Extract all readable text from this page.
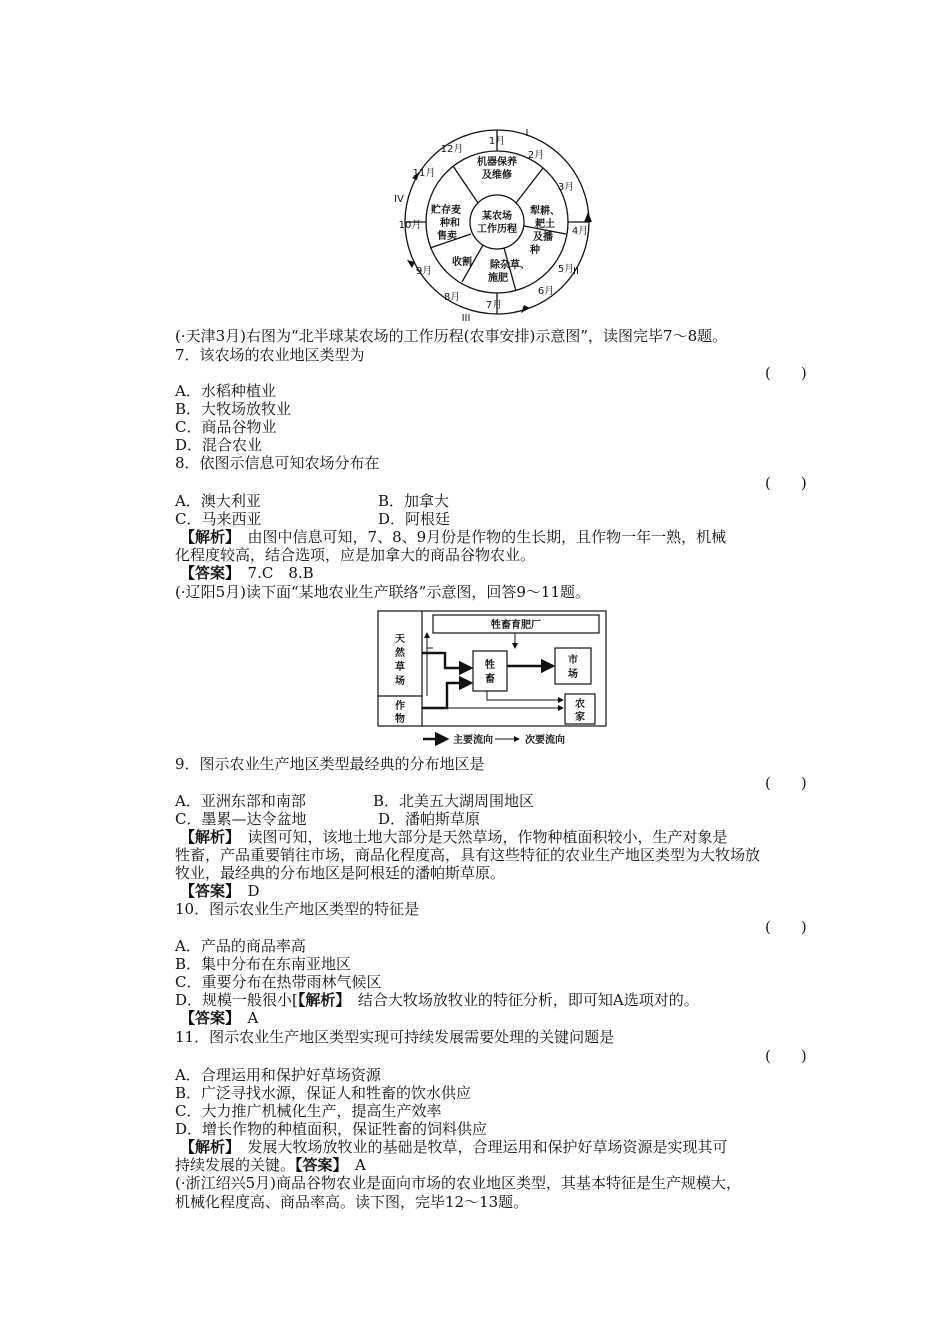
1月
2月
3月
4月
5月
6月
7月
8月
9月
10月
11月
12月
I
II
III
IV
某农场
工作历程
机器保养
及维修
犁耕、
耙土
及播
种
除杂草、
施肥
收割
贮存麦
种和
售卖
(·天津3月)右图为“北半球某农场的工作历程(农事安排)示意图”，读图完毕7～8题。
7．该农场的农业地区类型为
(　　)
A．水稻种植业
B．大牧场放牧业
C．商品谷物业
D．混合农业
8．依图示信息可知农场分布在
(　　)
A．澳大利亚	B．加拿大
C．马来西亚	D．阿根廷
【解析】　 由图中信息可知，7、8、9月份是作物的生长期，且作物一年一熟，机械
化程度较高，结合选项，应是加拿大的商品谷物农业。
【答案】　 7.C　8.B
(·辽阳5月)读下面“某地农业生产联络”示意图，回答9～11题。
天
然
草
场
作
物
牲畜育肥厂
牲
畜
市
场
农
家
主要流向	次要流向
9．图示农业生产地区类型最经典的分布地区是
(　　)
A．亚洲东部和南部	B．北美五大湖周围地区
C．墨累—达令盆地	D．潘帕斯草原
【解析】　 读图可知，该地土地大部分是天然草场，作物种植面积较小，生产对象是
牲畜，产品重要销往市场，商品化程度高，具有这些特征的农业生产地区类型为大牧场放
牧业，最经典的分布地区是阿根廷的潘帕斯草原。
【答案】　 D
10．图示农业生产地区类型的特征是
(　　)
A．产品的商品率高
B．集中分布在东南亚地区
C．重要分布在热带雨林气候区
D．规模一般很小[【解析】　 结合大牧场放牧业的特征分析，即可知A选项对的。
【答案】　 A
11．图示农业生产地区类型实现可持续发展需要处理的关键问题是
(　　)
A．合理运用和保护好草场资源
B．广泛寻找水源，保证人和牲畜的饮水供应
C．大力推广机械化生产，提高生产效率
D．增长作物的种植面积，保证牲畜的饲料供应
【解析】　 发展大牧场放牧业的基础是牧草，合理运用和保护好草场资源是实现其可
持续发展的关键。【答案】　 A
(·浙江绍兴5月)商品谷物农业是面向市场的农业地区类型，其基本特征是生产规模大，
机械化程度高、商品率高。读下图，完毕12～13题。
